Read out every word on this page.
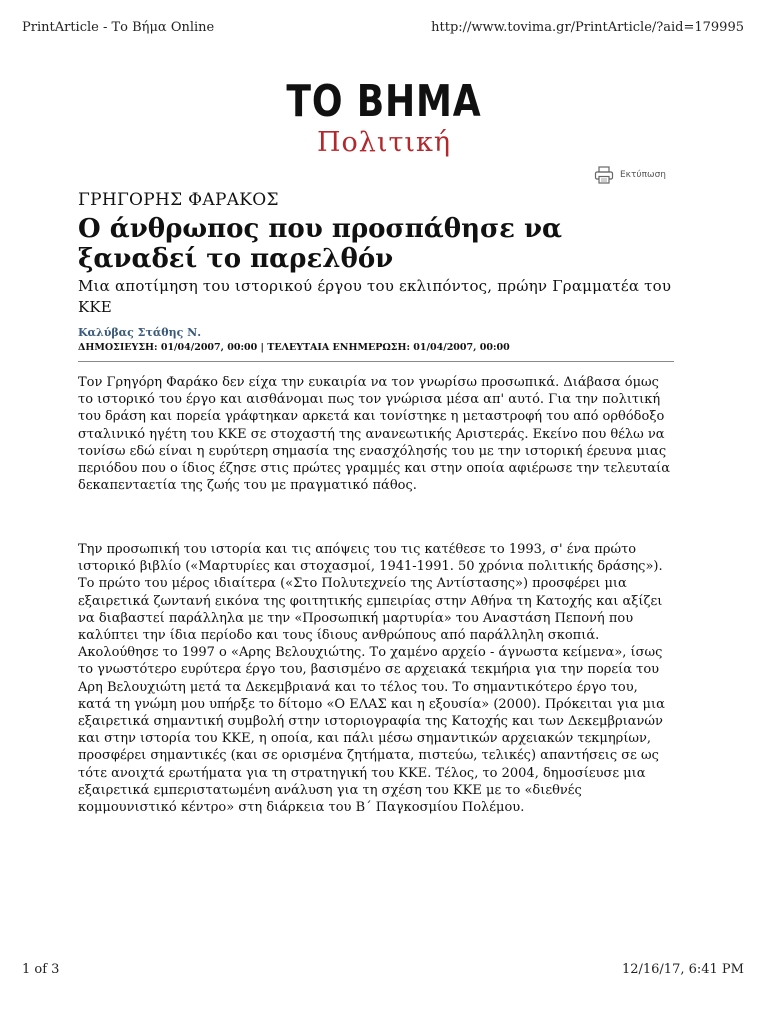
PrintArticle - Το Βήμα Online	http://www.tovima.gr/PrintArticle/?aid=179995
ΤΟ ΒΗΜΑ
Πολιτική
Εκτύπωση
ΓΡΗΓΟΡΗΣ ΦΑΡΑΚΟΣ
Ο άνθρωπος που προσπάθησε να ξαναδεί το παρελθόν
Μια αποτίμηση του ιστορικού έργου του εκλιπόντος, πρώην Γραμματέα του ΚΚΕ
Καλύβας Στάθης Ν.
ΔΗΜΟΣΙΕΥΣΗ: 01/04/2007, 00:00 | ΤΕΛΕΥΤΑΙΑ ΕΝΗΜΕΡΩΣΗ: 01/04/2007, 00:00
Τον Γρηγόρη Φαράκο δεν είχα την ευκαιρία να τον γνωρίσω προσωπικά. Διάβασα όμως το ιστορικό του έργο και αισθάνομαι πως τον γνώρισα μέσα απ' αυτό. Για την πολιτική του δράση και πορεία γράφτηκαν αρκετά και τονίστηκε η μεταστροφή του από ορθόδοξο σταλινικό ηγέτη του ΚΚΕ σε στοχαστή της ανανεωτικής Αριστεράς. Εκείνο που θέλω να τονίσω εδώ είναι η ευρύτερη σημασία της ενασχόλησής του με την ιστορική έρευνα μιας περιόδου που ο ίδιος έζησε στις πρώτες γραμμές και στην οποία αφιέρωσε την τελευταία δεκαπενταετία της ζωής του με πραγματικό πάθος.
Την προσωπική του ιστορία και τις απόψεις του τις κατέθεσε το 1993, σ' ένα πρώτο ιστορικό βιβλίο («Μαρτυρίες και στοχασμοί, 1941-1991. 50 χρόνια πολιτικής δράσης»). Το πρώτο του μέρος ιδιαίτερα («Στο Πολυτεχνείο της Αντίστασης») προσφέρει μια εξαιρετικά ζωντανή εικόνα της φοιτητικής εμπειρίας στην Αθήνα τη Κατοχής και αξίζει να διαβαστεί παράλληλα με την «Προσωπική μαρτυρία» του Αναστάση Πεπονή που καλύπτει την ίδια περίοδο και τους ίδιους ανθρώπους από παράλληλη σκοπιά. Ακολούθησε το 1997 ο «Αρης Βελουχιώτης. Το χαμένο αρχείο - άγνωστα κείμενα», ίσως το γνωστότερο ευρύτερα έργο του, βασισμένο σε αρχειακά τεκμήρια για την πορεία του Αρη Βελουχιώτη μετά τα Δεκεμβριανά και το τέλος του. Το σημαντικότερο έργο του, κατά τη γνώμη μου υπήρξε το δίτομο «Ο ΕΛΑΣ και η εξουσία» (2000). Πρόκειται για μια εξαιρετικά σημαντική συμβολή στην ιστοριογραφία της Κατοχής και των Δεκεμβριανών και στην ιστορία του ΚΚΕ, η οποία, και πάλι μέσω σημαντικών αρχειακών τεκμηρίων, προσφέρει σημαντικές (και σε ορισμένα ζητήματα, πιστεύω, τελικές) απαντήσεις σε ως τότε ανοιχτά ερωτήματα για τη στρατηγική του ΚΚΕ. Τέλος, το 2004, δημοσίευσε μια εξαιρετικά εμπεριστατωμένη ανάλυση για τη σχέση του ΚΚΕ με το «διεθνές κομμουνιστικό κέντρο» στη διάρκεια του Β΄ Παγκοσμίου Πολέμου.
1 of 3	12/16/17, 6:41 PM
